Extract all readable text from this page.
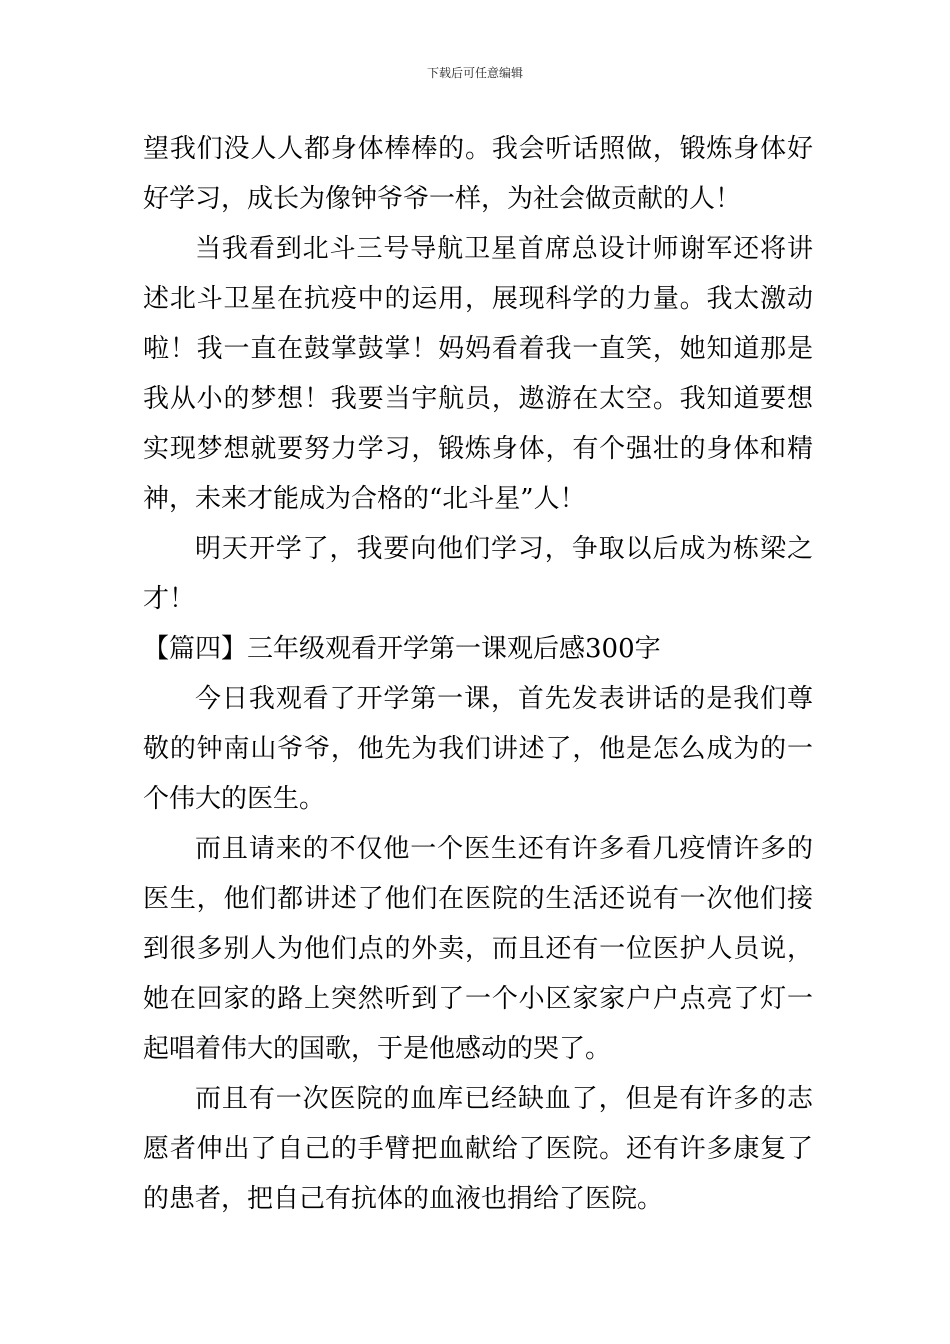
下载后可任意编辑

望我们没人人都身体棒棒的。我会听话照做，锻炼身体好好学习，成长为像钟爷爷一样，为社会做贡献的人！

当我看到北斗三号导航卫星首席总设计师谢军还将讲述北斗卫星在抗疫中的运用，展现科学的力量。我太激动啦！我一直在鼓掌鼓掌！妈妈看着我一直笑，她知道那是我从小的梦想！我要当宇航员，遨游在太空。我知道要想实现梦想就要努力学习，锻炼身体，有个强壮的身体和精神，未来才能成为合格的“北斗星”人！

明天开学了，我要向他们学习，争取以后成为栋梁之才！

【篇四】三年级观看开学第一课观后感300字

今日我观看了开学第一课，首先发表讲话的是我们尊敬的钟南山爷爷，他先为我们讲述了，他是怎么成为的一个伟大的医生。

而且请来的不仅他一个医生还有许多看几疫情许多的医生，他们都讲述了他们在医院的生活还说有一次他们接到很多别人为他们点的外卖，而且还有一位医护人员说，她在回家的路上突然听到了一个小区家家户户点亮了灯一起唱着伟大的国歌，于是他感动的哭了。

而且有一次医院的血库已经缺血了，但是有许多的志愿者伸出了自己的手臂把血献给了医院。还有许多康复了的患者，把自己有抗体的血液也捐给了医院。
